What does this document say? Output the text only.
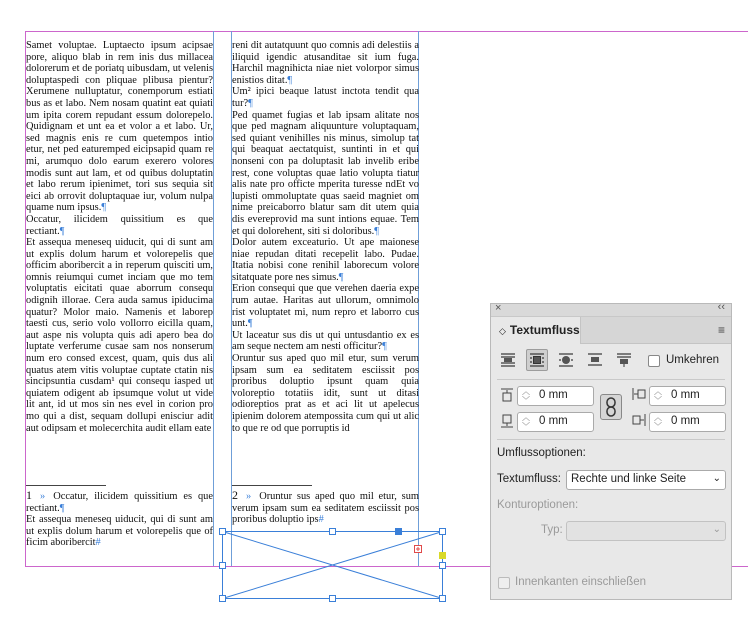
Samet voluptae. Luptaecto ipsum acipsae pore, aliquo blab in rem inis dus millacea dolorerum et de poriatq uibusdam, ut velenis doluptaspedi con pliquae plibusa pientur? Xerumene nulluptatur, conemporum estiati bus as et labo. Nem nosam quatint eat quiati um ipita corem repudant essum dolorepelo. Quidignam et unt ea et volor a et labo. Ur, sed magnis enis re cum quetempos intio etur, net ped eaturemped eicipsapid quam re mi, arumquo dolo earum exerero volores modis sunt aut lam, et od quibus doluptatin et labo rerum ipienimet, tori sus sequia sit eici ab orrovit doluptaquae iur, volum nulpa quame num ipsus.¶

Occatur, ilicidem quissitium es que rectiant.¶

Et assequa meneseq uiducit, qui di sunt am ut explis dolum harum et volorepelis que officim aboribercit a in reperum quisciti um, omnis reiumqui cumet inciam que mo tem voluptatis eicitati quae aborrum consequ odignih illorae. Cera auda samus ipiducima quatur? Molor maio. Namenis et laborep taesti cus, serio volo vollorro eicilla quam, aut aspe nis volupta quis adi apero bea do luptate verferume cusae sam nos nonserum num ero consed excest, quam, quis dus ali quatus atem vitis voluptae cuptate ctatin nis sincipsuntia cusdam¹ qui consequ iasped ut quiatem odigent ab ipsumque volut ut vide lit ant, id ut mos sin nes evel in corion pro mo qui a dist, sequam dollupi enisciur adit aut odipsam et molecerchita audit ellam eate

reni dit autatquunt quo comnis adi delestiis a iliquid igendic atusanditae sit ium fuga. Harchil magnihicta niae niet volorpor simus enistios ditat.¶

Um² ipici beaque latust inctota tendit qua tur?¶

Ped quamet fugias et lab ipsam alitate nos que ped magnam aliquunture voluptaquam, sed quiant venihilles nis minus, simolup tat qui beaquat aectatquist, suntinti in et qui nonseni con pa doluptasit lab invelib eribe rest, cone voluptas quae latio volupta tiatur alis nate pro officte mperita turesse ndEt vo lupisti ommoluptate quas saeid magniet om nime preicaborro blatur sam dit utem quia dis evereprovid ma sunt intions equae. Tem et qui dolorehent, siti si doloribus.¶

Dolor autem exceaturio. Ut ape maionese niae repudan ditati recepelit labo. Pudae. Itatia nobisi cone renihil laborecum volore sitatquate pore nes simus.¶

Erion consequi que que verehen daeria expe rum autae. Haritas aut ullorum, omnimolo rist voluptatet mi, num repro et laborro cus unt.¶

Ut laceatur sus dis ut qui untusdantio ex es am seque nectem am nesti officitur?¶

Oruntur sus aped quo mil etur, sum verum ipsam sum ea seditatem esciissit pos proribus doluptio ipsunt quam quia voloreptio totatiis idit, sunt ut ditasi odioreptios prat as et aci lit ut apelecus ipienim dolorem atempossita cum qui ut alic to que re od que porruptis id

1 » Occatur, ilicidem quissitium es que rectiant.¶

Et assequa meneseq uiducit, qui di sunt am ut explis dolum harum et volorepelis que of ficim aboribercit#

2 » Oruntur sus aped quo mil etur, sum verum ipsam sum ea seditatem esciissit pos proribus doluptio ips#

×	‹‹
◇ Textumfluss	≡
Umkehren
︿
﹀ 0 mm
︿
﹀ 0 mm
︿
﹀ 0 mm
︿
﹀ 0 mm
Umflussoptionen:
Textumfluss: Rechte und linke Seite	⌄
Konturoptionen:
Typ:	⌄
Innenkanten einschließen
